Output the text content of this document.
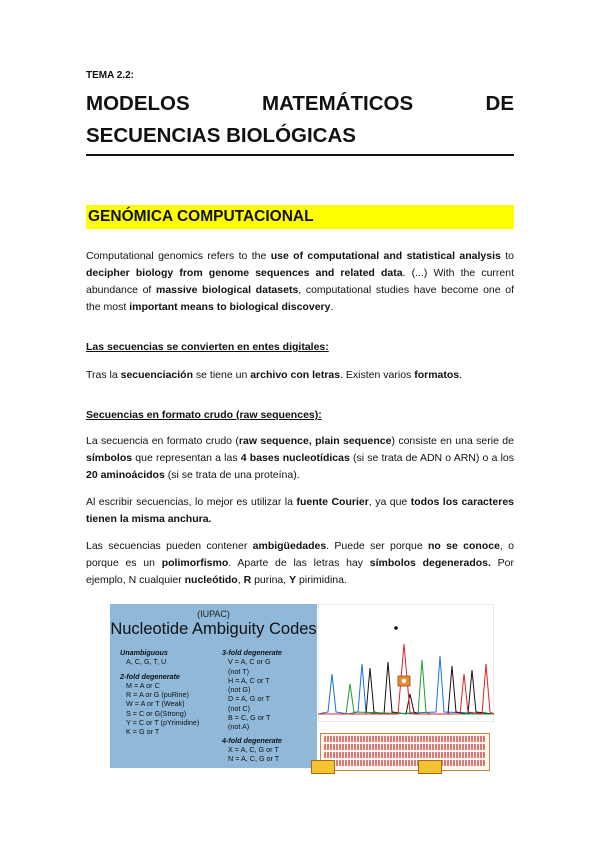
TEMA 2.2:
MODELOS MATEMÁTICOS DE SECUENCIAS BIOLÓGICAS
GENÓMICA COMPUTACIONAL

Computational genomics refers to the use of computational and statistical analysis to decipher biology from genome sequences and related data. (...) With the current abundance of massive biological datasets, computational studies have become one of the most important means to biological discovery.

Las secuencias se convierten en entes digitales:

Tras la secuenciación se tiene un archivo con letras. Existen varios formatos.

Secuencias en formato crudo (raw sequences):

La secuencia en formato crudo (raw sequence, plain sequence) consiste en una serie de símbolos que representan a las 4 bases nucleotídicas (si se trata de ADN o ARN) o a los 20 aminoácidos (si se trata de una proteína).

Al escribir secuencias, lo mejor es utilizar la fuente Courier, ya que todos los caracteres tienen la misma anchura.

Las secuencias pueden contener ambigüedades. Puede ser porque no se conoce, o porque es un polimorfismo. Aparte de las letras hay símbolos degenerados. Por ejemplo, N cualquier nucleótido, R purina, Y pirimidina.

(IUPAC)
Nucleotide Ambiguity Codes
Unambiguous
A, C, G, T, U
2-fold degenerate
M = A or C
R = A or G (puRine)
W = A or T (Weak)
S = C or G(Strong)
Y = C or T (pYrimidine)
K = G or T
3-fold degenerate
V = A, C or G
(not T)
H = A, C or T
(not G)
D = A, G or T
(not C)
B = C, G or T
(not A)
4-fold degenerate
X = A, C, G or T
N = A, C, G or T
